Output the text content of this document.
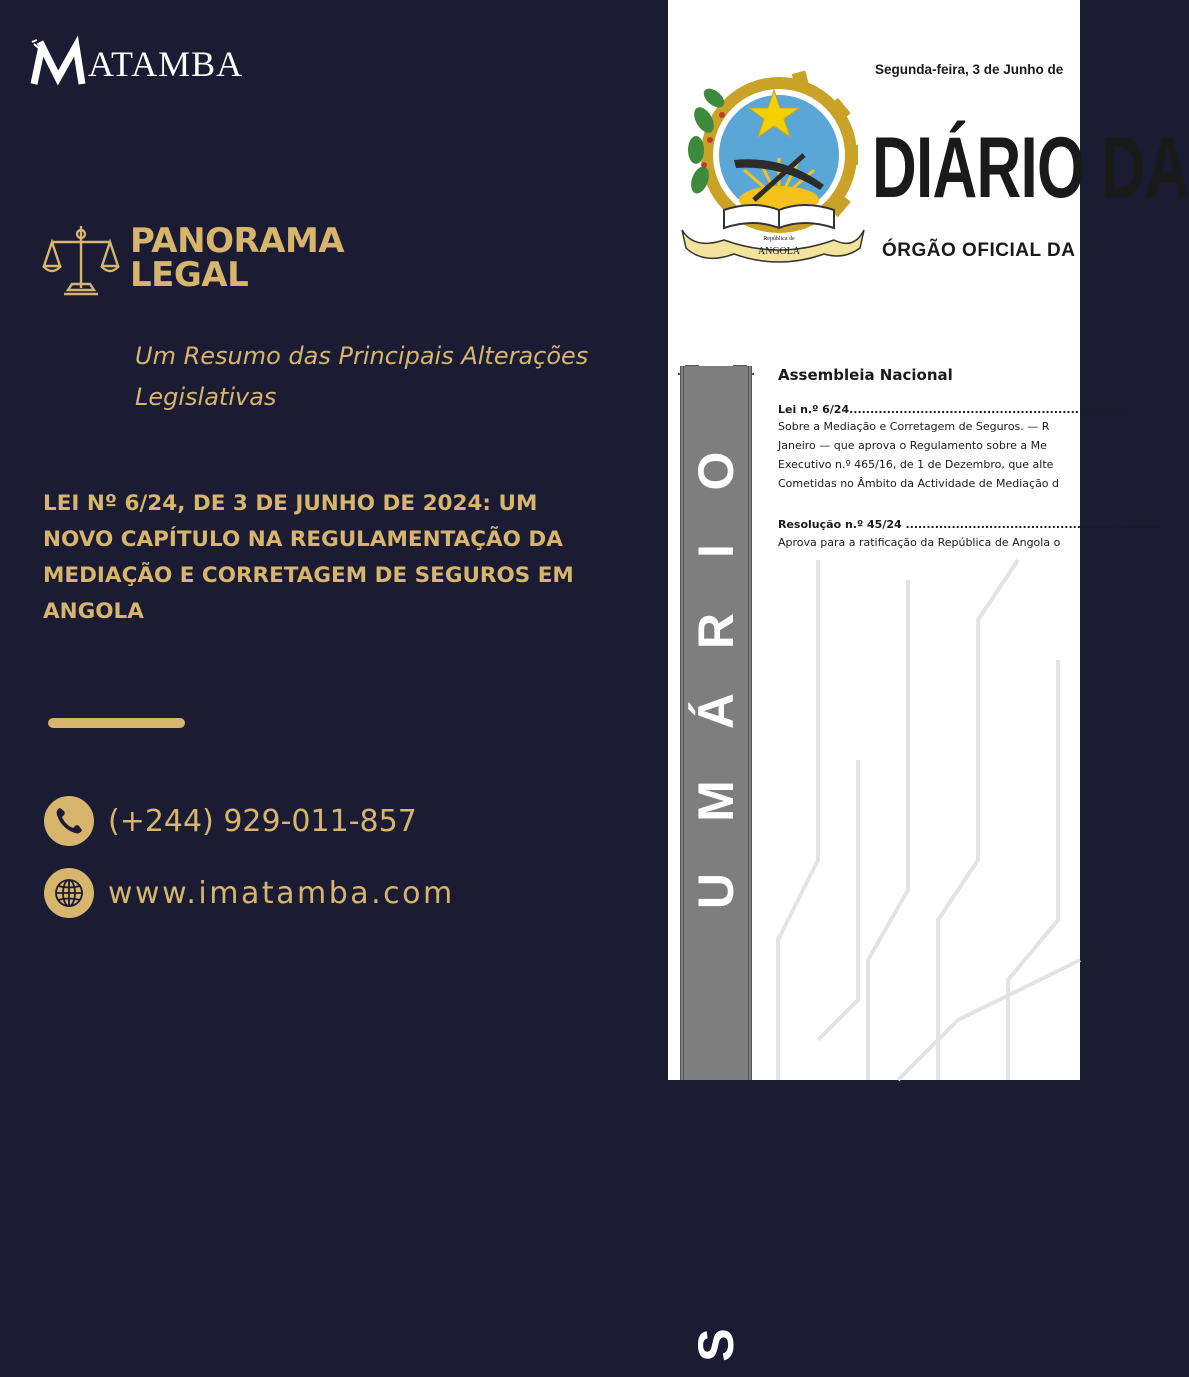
ATAMBA
PANORAMA
LEGAL
Um Resumo das Principais Alterações
Legislativas
LEI Nº 6/24, DE 3 DE JUNHO DE 2024: UM
NOVO CAPÍTULO NA REGULAMENTAÇÃO DA
MEDIAÇÃO E CORRETAGEM DE SEGUROS EM
ANGOLA
(+244) 929-011-857
www.imatamba.com
ANGOLA
República de
Segunda-feira, 3 de Junho de
DIÁRIO DA
ÓRGÃO OFICIAL DA
S
U
M
Á
R
I
O
Assembleia Nacional
Lei n.º 6/24...........................................................................
Sobre a Mediação e Corretagem de Seguros. — R
Janeiro — que aprova o Regulamento sobre a Me
Executivo n.º 465/16, de 1 de Dezembro, que alte
Cometidas no Âmbito da Actividade de Mediação d
Resolução n.º 45/24 ..............................................................
Aprova para a ratificação da República de Angola o
